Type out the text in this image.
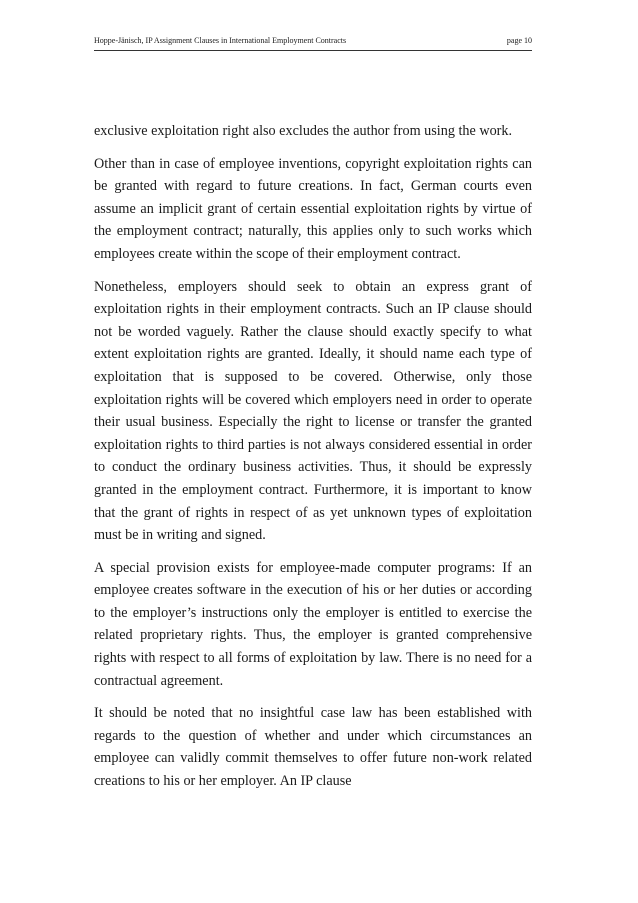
Hoppe-Jänisch, IP Assignment Clauses in International Employment Contracts	page 10

exclusive exploitation right also excludes the author from using the work.

Other than in case of employee inventions, copyright exploitation rights can be granted with regard to future creations. In fact, German courts even assume an implicit grant of certain essential exploitation rights by virtue of the employment contract; naturally, this applies only to such works which employees create within the scope of their employment contract.

Nonetheless, employers should seek to obtain an express grant of exploitation rights in their employment contracts. Such an IP clause should not be worded vaguely. Rather the clause should exactly specify to what extent exploitation rights are granted. Ideally, it should name each type of exploitation that is supposed to be covered. Otherwise, only those exploitation rights will be covered which employers need in order to operate their usual business. Especially the right to license or transfer the granted exploitation rights to third parties is not always considered essential in order to conduct the ordinary business activities. Thus, it should be expressly granted in the employment contract. Furthermore, it is important to know that the grant of rights in respect of as yet unknown types of exploitation must be in writing and signed.

A special provision exists for employee-made computer programs: If an employee creates software in the execution of his or her duties or according to the employer’s instructions only the employer is entitled to exercise the related proprietary rights. Thus, the employer is granted comprehensive rights with respect to all forms of exploitation by law. There is no need for a contractual agreement.

It should be noted that no insightful case law has been established with regards to the question of whether and under which circumstances an employee can validly commit themselves to offer future non-work related creations to his or her employer. An IP clause
